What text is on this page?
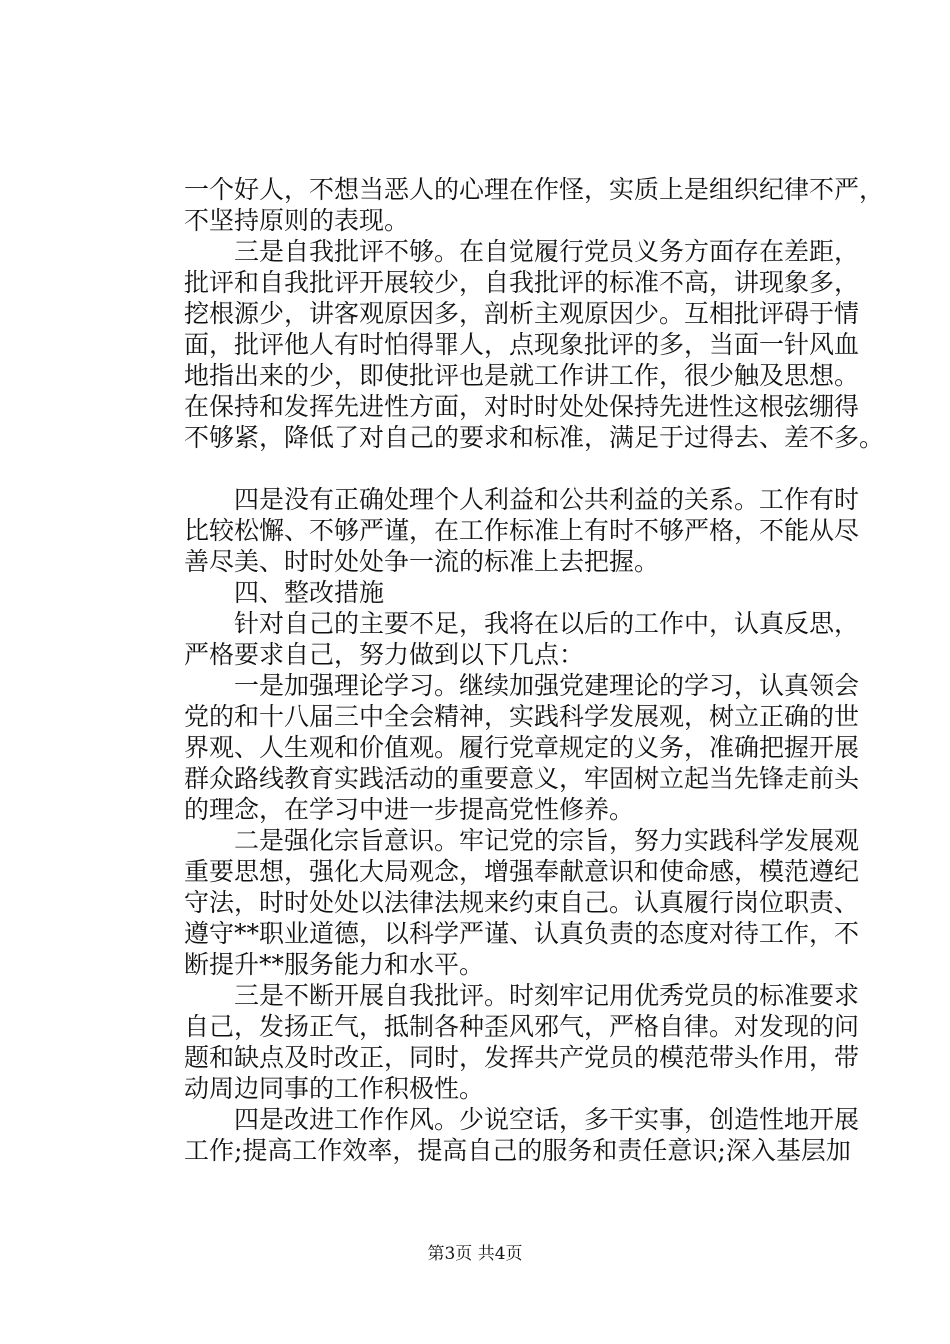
一个好人，不想当恶人的心理在作怪，实质上是组织纪律不严，
不坚持原则的表现。
　　三是自我批评不够。在自觉履行党员义务方面存在差距，
批评和自我批评开展较少，自我批评的标准不高，讲现象多，
挖根源少，讲客观原因多，剖析主观原因少。互相批评碍于情
面，批评他人有时怕得罪人，点现象批评的多，当面一针风血
地指出来的少，即使批评也是就工作讲工作，很少触及思想。
在保持和发挥先进性方面，对时时处处保持先进性这根弦绷得
不够紧，降低了对自己的要求和标准，满足于过得去、差不多。
　　四是没有正确处理个人利益和公共利益的关系。工作有时
比较松懈、不够严谨，在工作标准上有时不够严格，不能从尽
善尽美、时时处处争一流的标准上去把握。
　　四、整改措施
　　针对自己的主要不足，我将在以后的工作中，认真反思，
严格要求自己，努力做到以下几点：
　　一是加强理论学习。继续加强党建理论的学习，认真领会
党的和十八届三中全会精神，实践科学发展观，树立正确的世
界观、人生观和价值观。履行党章规定的义务，准确把握开展
群众路线教育实践活动的重要意义，牢固树立起当先锋走前头
的理念，在学习中进一步提高党性修养。
　　二是强化宗旨意识。牢记党的宗旨，努力实践科学发展观
重要思想，强化大局观念，增强奉献意识和使命感，模范遵纪
守法，时时处处以法律法规来约束自己。认真履行岗位职责、
遵守**职业道德，以科学严谨、认真负责的态度对待工作，不
断提升**服务能力和水平。
　　三是不断开展自我批评。时刻牢记用优秀党员的标准要求
自己，发扬正气，抵制各种歪风邪气，严格自律。对发现的问
题和缺点及时改正，同时，发挥共产党员的模范带头作用，带
动周边同事的工作积极性。
　　四是改进工作作风。少说空话，多干实事，创造性地开展
工作;提高工作效率，提高自己的服务和责任意识;深入基层加
第3页 共4页
